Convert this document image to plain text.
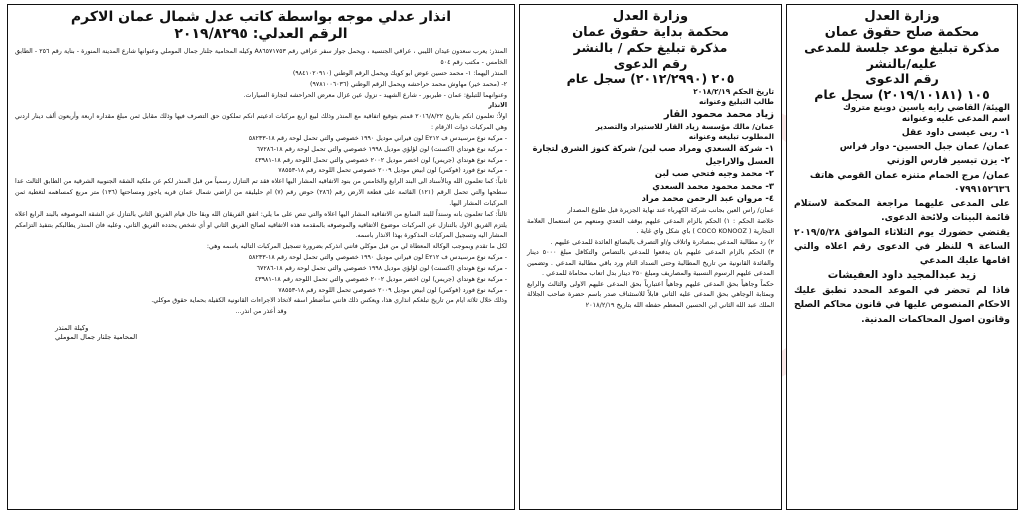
انذار عدلي موجه بواسطة كاتب عدل شمال عمان الاكرم
الرقم العدلي: ٢٠١٩/٨٢٩٥
المنذر: يعرب سعدون غيدان الليبي ، عراقي الجنسية ، ويحمل جواز سفر عراقي رقم A٨٦٥٧١٧٥٣ وكيله المحامية جلنار جمال الموملي وعنوانها شارع المدينة المنورة - بناية رقم ٢٥٦ - الطابق الخامس - مكتب رقم ٥٠٤
المنذر اليهما: ١- محمد حسين عوض ابو كويك ويحمل الرقم الوطني (٩٨٤١٠٢٠٩١٠)
٢- (محمد خير) مهاوش محمد حراحشه ويحمل الرقم الوطني (٩٧٨١٠٠٦٠٣٦)
وعنوانهما للتبليغ: عمان - طبربور - شارع الشهيد - نزول عين غزال معرض الحراحشه لتجارة السيارات.
الانذار
اولاً: تعلمون انكم بتاريخ ٢٠١٦/٨/٢٢ قمتم بتوقيع اتفاقية مع المنذر وذلك لبيع اربع مركبات ادعيتم انكم تملكون حق التصرف فيها وذلك مقابل ثمن مبلغ مقداره اربعة وأربعون ألف دينار اردني وهي المركبات ذوات الارقام :
- مركبة نوع مرسيدس ف E٢١٢ لون فيراني موديل ١٩٩٠ خصوصي والتي تحمل لوحة رقم ١٨-٥٨٢٣٣
- مركبة نوع هونداي (اكسنت) لون لؤلؤي موديل ١٩٩٨ خصوصي والتي تحمل لوحة رقم ١٨-٦٧٢٨٦
- مركبة نوع هونداي (جريس) لون اخضر موديل ٢٠٠٢ خصوصي والتي تحمل اللوحة رقم ١٨-٤٣٩٨١
- مركبة نوع فورد (فوكس) لون ابيض موديل ٢٠٠٩ خصوصي تحمل اللوحة رقم ١٨-٧٨٥٥٣
ثانياً: كما تعلمون الله وبالأسناد الى البند الرابع والخامس من بنود الاتفاقيه المشار اليها اعلاه فقد تم التنازل رسمياً من قبل المنذر لكم عن ملكية الشقة الجنوبية الشرقية من الطابق الثالث عدا سطحها والتي تحمل الرقم (١٢١) القائمة على قطعة الارض رقم (٢٨٦) حوض رقم (٧) ام حليليفة من اراضي شمال عمان قريه ياجوز ومساحتها (١٣٦) متر مربع كمساهمه لتغطية ثمن المركبات المشار اليها.
ثالثاً: كما تعلمون بانه وسنداً للبند السابع من الاتفاقية المشار اليها اعلاه والتي تنص على ما يلي: اتفق الفريقان الله وبقا حال قيام الفريق الثاني بالتنازل عن الشقة الموصوفه بالبند الرابع اعلاه يلتزم الفريق الاول بالتنازل عن المركبات موضوع الاتفاقيه والموصوفه بالمقدمة هذه الاتفاقيه لصالح الفريق الثاني او أي شخص يحدده الفريق الثاني، وعليه فان المنذر يطالبكم بتنفيذ التزامكم المشار اليه وتسجيل المركبات المذكورة بهذا الانذار باسمه.
لكل ما تقدم وبموجب الوكالة المعطاة لي من قبل موكلي فانني انذركم بضرورة تسجيل المركبات التاليه باسمه وهي:
- مركبة نوع مرسيدس ف E٢١٢ لون فيراني موديل ١٩٩٠ خصوصي والتي تحمل لوحة رقم ١٨-٥٨٢٣٣
- مركبة نوع هونداي (اكسنت) لون لؤلؤي موديل ١٩٩٨ خصوصي والتي تحمل لوحة رقم ١٨-٦٧٢٨٦
- مركبة نوع هونداي (جريس) لون اخضر موديل ٢٠٠٢ خصوصي والتي تحمل اللوحة رقم ١٨-٤٣٩٨١
- مركبة نوع فورد (فوكس) لون ابيض موديل ٢٠٠٩ خصوصي تحمل اللوحة رقم ١٨-٧٨٥٥٣
وذلك خلال ثلاثة ايام من تاريخ تبلغكم انذاري هذا، ويعكس ذلك فانني سأضطر اسفه لاتخاذ الاجراءات القانونية الكفيلة بحماية حقوق موكلي.
وقد أعذر من انذر...
وكيلة المنذر
المحامية جلنار جمال الموملي
وزارة العدل
محكمة بداية حقوق عمان
مذكرة تبليغ حكم / بالنشر
رقم الدعوى
٢٠٥ (٢٠١٢/٢٩٩٠) سجل عام
تاريخ الحكم ٢٠١٨/٢/١٩
طالب التبليغ وعنوانه
زياد محمد محمود القار
عمان/ مالك مؤسسة زياد القار للاستيراد والتصدير
المطلوب تبليغه وعنوانه
١- شركة السعدي ومراد صب لبن/ شركة كنوز الشرق لتجارة العسل والاراجيل
٢- محمد وجيه فتحي صب لبن
٣- محمد محمود محمد السعدي
٤- مروان عبد الرحمن محمد مراد
عمان/ راس العين بجانب شركة الكهرباء عند نهاية الجزيرة قبل طلوع المصدار
خلاصة الحكم : ١) الحكم بالزام المدعى عليهم بوقف التعدي ومنعهم من استعمال العلامة التجارية ( COCO KONOOZ ) باي شكل واي غاية .
٢) رد مطالبة المدعي بمصادرة واتلاف و/او التصرف بالبضائع العائدة للمدعى عليهم .
٣) الحكم بالزام المدعى عليهم بان يدفعوا للمدعي بالتضامن والتكافل مبلغ ٥٠٠٠ دينار والفائدة القانونية من تاريخ المطالبة وحتى السداد التام ورد باقي مطالبة المدعي . وتضمين المدعى عليهم الرسوم النسبية والمصاريف ومبلغ ٢٥٠ دينار بدل اتعاب محاماة للمدعي .
حكماً وجاهياً بحق المدعى عليهم وجاهياً اعتبارياً بحق المدعى عليهم الاولى والثالث والرابع وبمثابة الوجاهي بحق المدعى عليه الثاني قابلاً للاستئناف صدر باسم حضرة صاحب الجلالة الملك عبد الله الثاني ابن الحسين المعظم حفظه الله بتاريخ ٢٠١٨/٢/١٩
وزارة العدل
محكمة صلح حقوق عمان
مذكرة تبليغ موعد جلسة للمدعى عليه/بالنشر
رقم الدعوى
١٠٥ (٢٠١٩/١٠١٨١) سجل عام
الهيئة/ القاضي رايه ياسين دوينع متروك
اسم المدعى عليه وعنوانه
١- ربى عيسى داود عقل
عمان/ عمان جبل الحسين- دوار فراس
٢- يزن تيسير فارس الوزني
عمان/ مرج الحمام متنزه عمان القومي هاتف ٠٧٩٩١٥٢٦٣٦
على المدعى عليهما مراجعة المحكمة لاستلام قائمة البينات ولائحة الدعوى.
يقتضي حضورك يوم الثلاثاء الموافق ٢٠١٩/٥/٢٨ الساعة ٩ للنظر في الدعوى رقم اعلاه والتي اقامها عليك المدعي
زيد عبدالمجيد داود العفيشات
فاذا لم تحضر في الموعد المحدد تطبق عليك الاحكام المنصوص عليها في قانون محاكم الصلح وقانون اصول المحاكمات المدنية.
